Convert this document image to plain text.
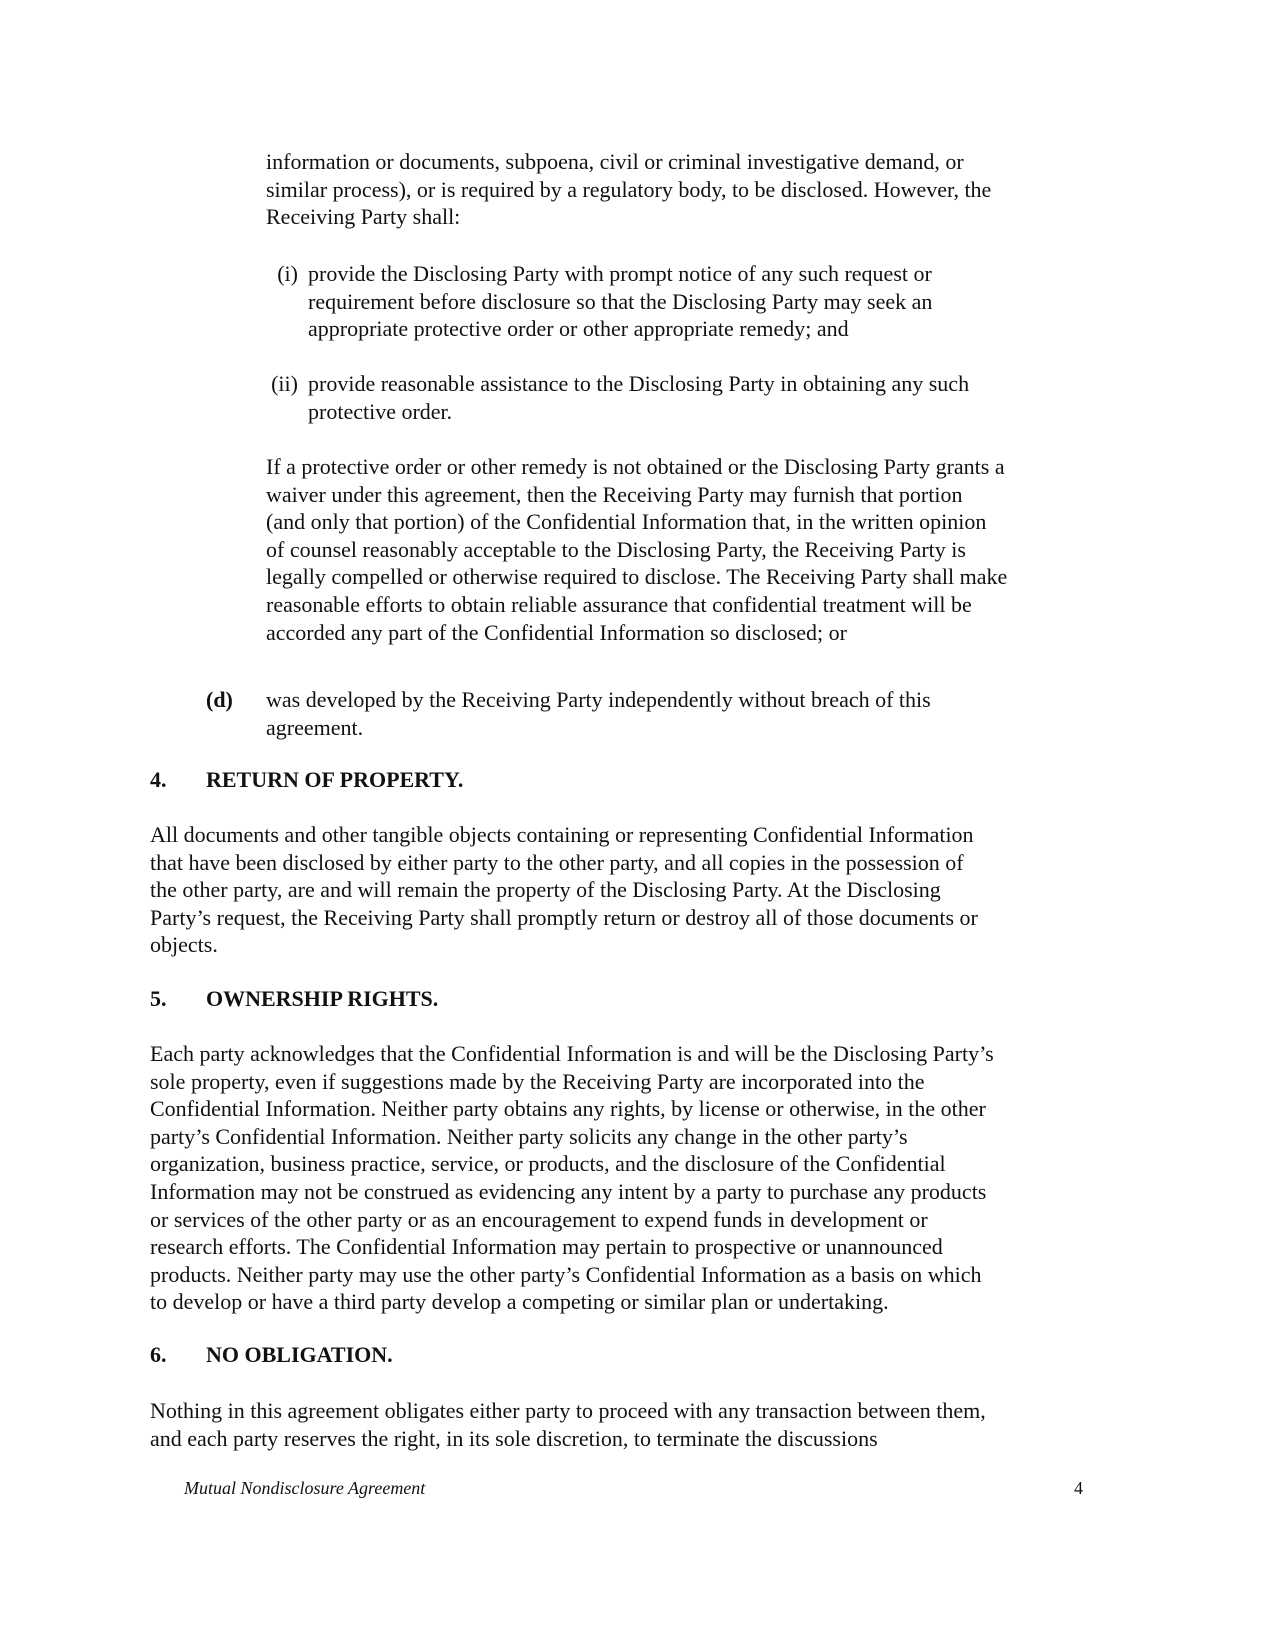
information or documents, subpoena, civil or criminal investigative demand, or

similar process), or is required by a regulatory body, to be disclosed. However, the

Receiving Party shall:

(i) provide the Disclosing Party with prompt notice of any such request or

requirement before disclosure so that the Disclosing Party may seek an

appropriate protective order or other appropriate remedy; and

(ii) provide reasonable assistance to the Disclosing Party in obtaining any such

protective order.

If a protective order or other remedy is not obtained or the Disclosing Party grants a

waiver under this agreement, then the Receiving Party may furnish that portion

(and only that portion) of the Confidential Information that, in the written opinion

of counsel reasonably acceptable to the Disclosing Party, the Receiving Party is

legally compelled or otherwise required to disclose. The Receiving Party shall make

reasonable efforts to obtain reliable assurance that confidential treatment will be

accorded any part of the Confidential Information so disclosed; or

(d) was developed by the Receiving Party independently without breach of this

agreement.

4. RETURN OF PROPERTY.

All documents and other tangible objects containing or representing Confidential Information

that have been disclosed by either party to the other party, and all copies in the possession of

the other party, are and will remain the property of the Disclosing Party. At the Disclosing

Party’s request, the Receiving Party shall promptly return or destroy all of those documents or

objects.

5. OWNERSHIP RIGHTS.

Each party acknowledges that the Confidential Information is and will be the Disclosing Party’s

sole property, even if suggestions made by the Receiving Party are incorporated into the

Confidential Information. Neither party obtains any rights, by license or otherwise, in the other

party’s Confidential Information. Neither party solicits any change in the other party’s

organization, business practice, service, or products, and the disclosure of the Confidential

Information may not be construed as evidencing any intent by a party to purchase any products

or services of the other party or as an encouragement to expend funds in development or

research efforts. The Confidential Information may pertain to prospective or unannounced

products. Neither party may use the other party’s Confidential Information as a basis on which

to develop or have a third party develop a competing or similar plan or undertaking.

6. NO OBLIGATION.

Nothing in this agreement obligates either party to proceed with any transaction between them,

and each party reserves the right, in its sole discretion, to terminate the discussions

Mutual Nondisclosure Agreement	4
